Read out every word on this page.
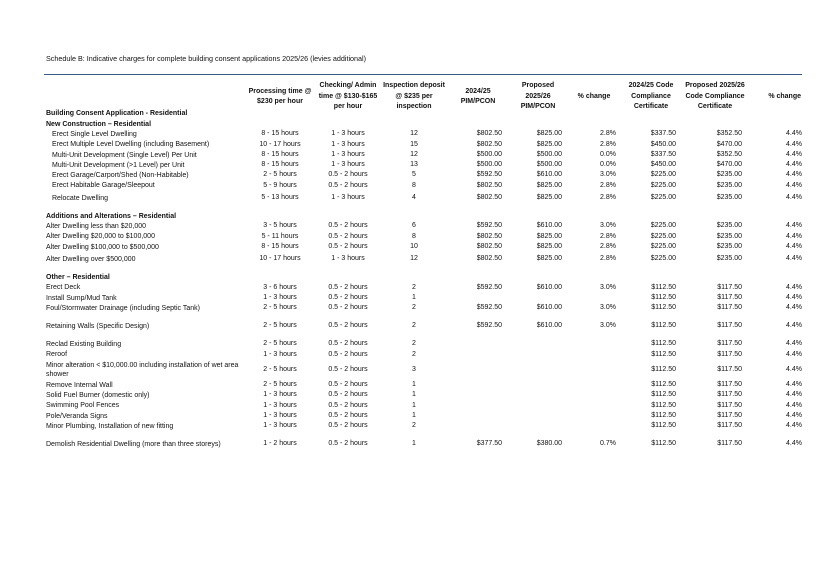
Schedule B: Indicative charges for complete building consent applications 2025/26 (levies additional)
Building Consent Application - Residential	Processing time @ $230 per hour	Checking/ Admin time @ $130-$165 per hour	Inspection deposit @ $235 per inspection	2024/25 PIM/PCON	Proposed 2025/26 PIM/PCON	% change	2024/25 Code Compliance Certificate	Proposed 2025/26 Code Compliance Certificate	% change
New Construction – Residential									
Erect Single Level Dwelling	8 - 15 hours	1 - 3 hours	12	$802.50	$825.00	2.8%	$337.50	$352.50	4.4%
Erect Multiple Level Dwelling (including Basement)	10 - 17 hours	1 - 3 hours	15	$802.50	$825.00	2.8%	$450.00	$470.00	4.4%
Multi-Unit Development (Single Level) Per Unit	8 - 15 hours	1 - 3 hours	12	$500.00	$500.00	0.0%	$337.50	$352.50	4.4%
Multi-Unit Development (>1 Level) per Unit	8 - 15 hours	1 - 3 hours	13	$500.00	$500.00	0.0%	$450.00	$470.00	4.4%
Erect Garage/Carport/Shed (Non-Habitable)	2 - 5 hours	0.5 - 2 hours	5	$592.50	$610.00	3.0%	$225.00	$235.00	4.4%
Erect Habitable Garage/Sleepout	5 - 9 hours	0.5 - 2 hours	8	$802.50	$825.00	2.8%	$225.00	$235.00	4.4%
Relocate Dwelling	5 - 13 hours	1 - 3 hours	4	$802.50	$825.00	2.8%	$225.00	$235.00	4.4%

Additions and Alterations – Residential									
Alter Dwelling less than $20,000	3 - 5 hours	0.5 - 2 hours	6	$592.50	$610.00	3.0%	$225.00	$235.00	4.4%
Alter Dwelling $20,000 to $100,000	5 - 11 hours	0.5 - 2 hours	8	$802.50	$825.00	2.8%	$225.00	$235.00	4.4%
Alter Dwelling $100,000 to $500,000	8 - 15 hours	0.5 - 2 hours	10	$802.50	$825.00	2.8%	$225.00	$235.00	4.4%
Alter Dwelling over $500,000	10 - 17 hours	1 - 3 hours	12	$802.50	$825.00	2.8%	$225.00	$235.00	4.4%

Other – Residential									
Erect Deck	3 - 6 hours	0.5 - 2 hours	2	$592.50	$610.00	3.0%	$112.50	$117.50	4.4%
Install Sump/Mud Tank	1 - 3 hours	0.5 - 2 hours	1				$112.50	$117.50	4.4%
Foul/Stormwater Drainage (including Septic Tank)	2 - 5 hours	0.5 - 2 hours	2	$592.50	$610.00	3.0%	$112.50	$117.50	4.4%

Retaining Walls (Specific Design)	2 - 5 hours	0.5 - 2 hours	2	$592.50	$610.00	3.0%	$112.50	$117.50	4.4%

Reclad Existing Building	2 - 5 hours	0.5 - 2 hours	2				$112.50	$117.50	4.4%
Reroof	1 - 3 hours	0.5 - 2 hours	2				$112.50	$117.50	4.4%
Minor alteration < $10,000.00 including installation of wet area shower	2 - 5 hours	0.5 - 2 hours	3				$112.50	$117.50	4.4%
Remove Internal Wall	2 - 5 hours	0.5 - 2 hours	1				$112.50	$117.50	4.4%
Solid Fuel Burner (domestic only)	1 - 3 hours	0.5 - 2 hours	1				$112.50	$117.50	4.4%
Swimming Pool Fences	1 - 3 hours	0.5 - 2 hours	1				$112.50	$117.50	4.4%
Pole/Veranda Signs	1 - 3 hours	0.5 - 2 hours	1				$112.50	$117.50	4.4%
Minor Plumbing, Installation of new fitting	1 - 3 hours	0.5 - 2 hours	2				$112.50	$117.50	4.4%

Demolish Residential Dwelling (more than three storeys)	1 - 2 hours	0.5 - 2 hours	1	$377.50	$380.00	0.7%	$112.50	$117.50	4.4%
